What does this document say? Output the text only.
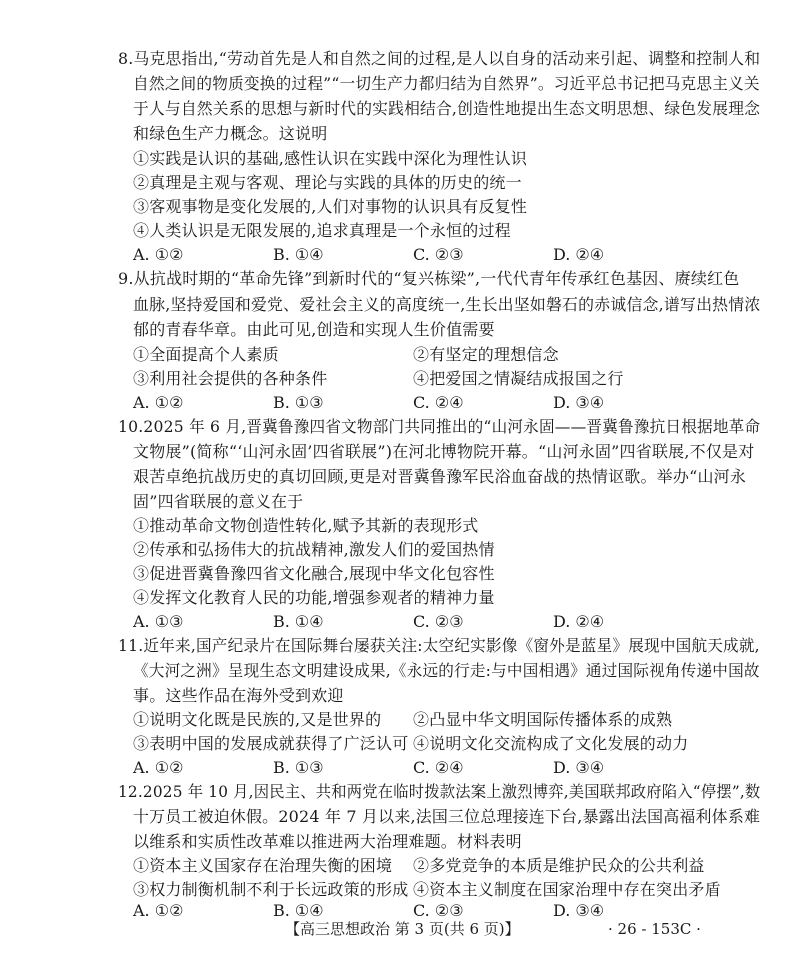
8.马克思指出,“劳动首先是人和自然之间的过程,是人以自身的活动来引起、调整和控制人和
自然之间的物质变换的过程”“一切生产力都归结为自然界”。习近平总书记把马克思主义关
于人与自然关系的思想与新时代的实践相结合,创造性地提出生态文明思想、绿色发展理念
和绿色生产力概念。这说明
①实践是认识的基础,感性认识在实践中深化为理性认识
②真理是主观与客观、理论与实践的具体的历史的统一
③客观事物是变化发展的,人们对事物的认识具有反复性
④人类认识是无限发展的,追求真理是一个永恒的过程
A. ①②	B. ①④	C. ②③	D. ②④
9.从抗战时期的“革命先锋”到新时代的“复兴栋梁”,一代代青年传承红色基因、赓续红色
血脉,坚持爱国和爱党、爱社会主义的高度统一,生长出坚如磐石的赤诚信念,谱写出热情浓
郁的青春华章。由此可见,创造和实现人生价值需要
①全面提高个人素质	②有坚定的理想信念
③利用社会提供的各种条件	④把爱国之情凝结成报国之行
A. ①②	B. ①③	C. ②④	D. ③④
10.2025 年 6 月,晋冀鲁豫四省文物部门共同推出的“山河永固——晋冀鲁豫抗日根据地革命
文物展”(简称“‘山河永固’四省联展”)在河北博物院开幕。“山河永固”四省联展,不仅是对
艰苦卓绝抗战历史的真切回顾,更是对晋冀鲁豫军民浴血奋战的热情讴歌。举办“山河永
固”四省联展的意义在于
①推动革命文物创造性转化,赋予其新的表现形式
②传承和弘扬伟大的抗战精神,激发人们的爱国热情
③促进晋冀鲁豫四省文化融合,展现中华文化包容性
④发挥文化教育人民的功能,增强参观者的精神力量
A. ①③	B. ①④	C. ②③	D. ②④
11.近年来,国产纪录片在国际舞台屡获关注:太空纪实影像《窗外是蓝星》展现中国航天成就,
《大河之洲》呈现生态文明建设成果,《永远的行走:与中国相遇》通过国际视角传递中国故
事。这些作品在海外受到欢迎
①说明文化既是民族的,又是世界的 ②凸显中华文明国际传播体系的成熟
③表明中国的发展成就获得了广泛认可 ④说明文化交流构成了文化发展的动力
A. ①②	B. ①③	C. ②④	D. ③④
12.2025 年 10 月,因民主、共和两党在临时拨款法案上激烈博弈,美国联邦政府陷入“停摆”,数
十万员工被迫休假。2024 年 7 月以来,法国三位总理接连下台,暴露出法国高福利体系难
以维系和实质性改革难以推进两大治理难题。材料表明
①资本主义国家存在治理失衡的困境 ②多党竞争的本质是维护民众的公共利益
③权力制衡机制不利于长远政策的形成 ④资本主义制度在国家治理中存在突出矛盾
A. ①②	B. ①④	C. ②③	D. ③④
【高三思想政治 第 3 页(共 6 页)】	· 26 - 153C ·
